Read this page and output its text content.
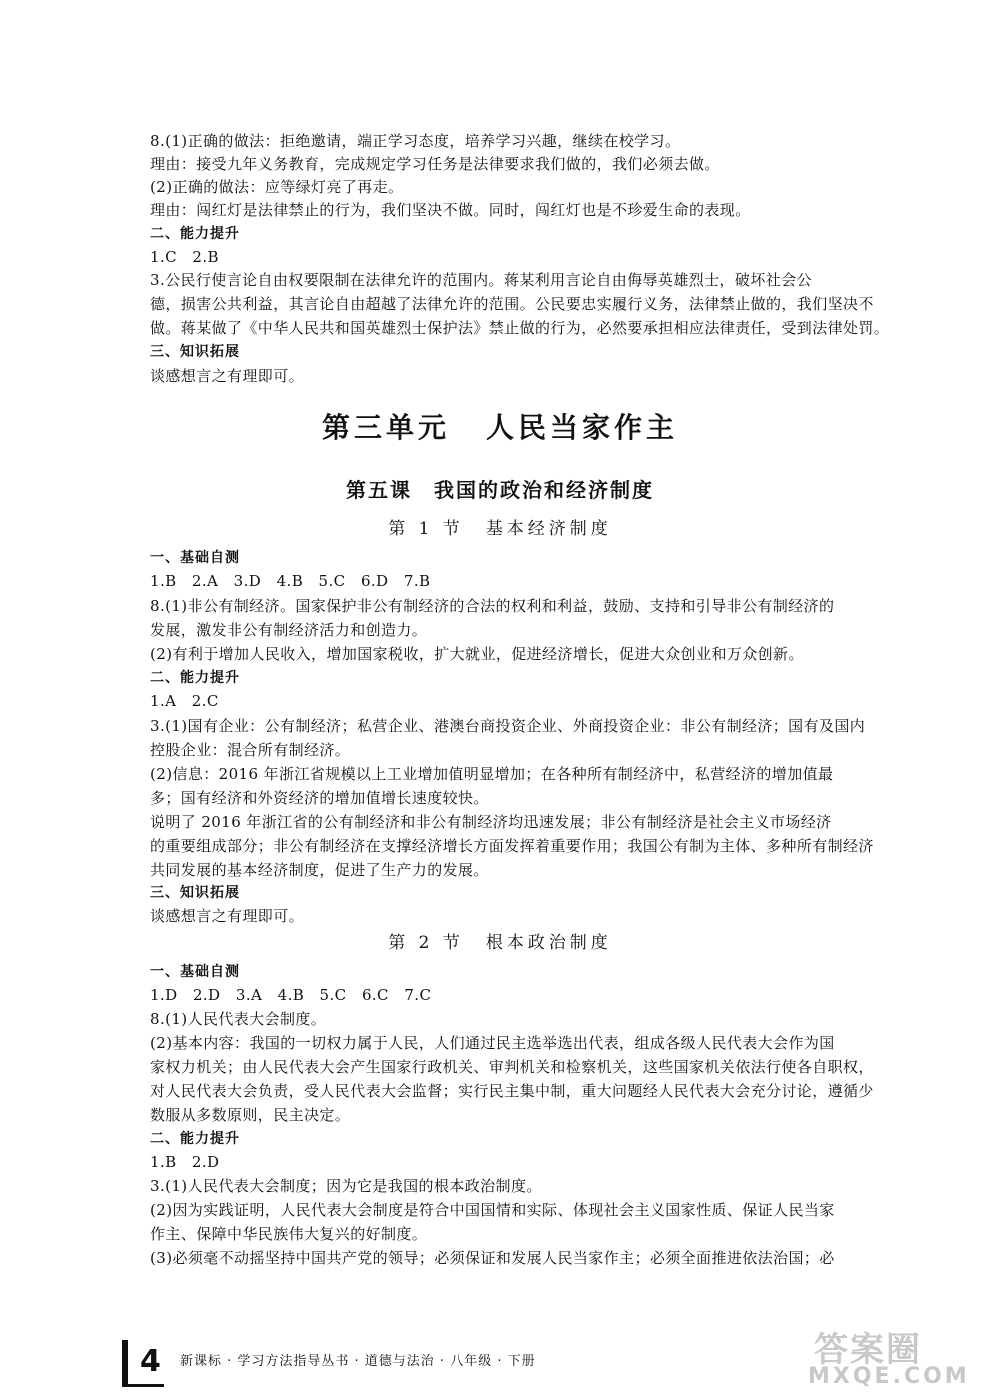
8.(1)正确的做法：拒绝邀请，端正学习态度，培养学习兴趣，继续在校学习。
理由：接受九年义务教育，完成规定学习任务是法律要求我们做的，我们必须去做。
(2)正确的做法：应等绿灯亮了再走。
理由：闯红灯是法律禁止的行为，我们坚决不做。同时，闯红灯也是不珍爱生命的表现。
二、能力提升
1.C　2.B
3.公民行使言论自由权要限制在法律允许的范围内。蒋某利用言论自由侮辱英雄烈士，破坏社会公
德，损害公共利益，其言论自由超越了法律允许的范围。公民要忠实履行义务，法律禁止做的，我们坚决不
做。蒋某做了《中华人民共和国英雄烈士保护法》禁止做的行为，必然要承担相应法律责任，受到法律处罚。
三、知识拓展
谈感想言之有理即可。
第三单元 人民当家作主
第五课 我国的政治和经济制度
第 1 节 基本经济制度
一、基础自测
1.B　2.A　3.D　4.B　5.C　6.D　7.B
8.(1)非公有制经济。国家保护非公有制经济的合法的权利和利益，鼓励、支持和引导非公有制经济的
发展，激发非公有制经济活力和创造力。
(2)有利于增加人民收入，增加国家税收，扩大就业，促进经济增长，促进大众创业和万众创新。
二、能力提升
1.A　2.C
3.(1)国有企业：公有制经济；私营企业、港澳台商投资企业、外商投资企业：非公有制经济；国有及国内
控股企业：混合所有制经济。
(2)信息：2016 年浙江省规模以上工业增加值明显增加；在各种所有制经济中，私营经济的增加值最
多；国有经济和外资经济的增加值增长速度较快。
说明了 2016 年浙江省的公有制经济和非公有制经济均迅速发展；非公有制经济是社会主义市场经济
的重要组成部分；非公有制经济在支撑经济增长方面发挥着重要作用；我国公有制为主体、多种所有制经济
共同发展的基本经济制度，促进了生产力的发展。
三、知识拓展
谈感想言之有理即可。
第 2 节 根本政治制度
一、基础自测
1.D　2.D　3.A　4.B　5.C　6.C　7.C
8.(1)人民代表大会制度。
(2)基本内容：我国的一切权力属于人民，人们通过民主选举选出代表，组成各级人民代表大会作为国
家权力机关；由人民代表大会产生国家行政机关、审判机关和检察机关，这些国家机关依法行使各自职权，
对人民代表大会负责，受人民代表大会监督；实行民主集中制，重大问题经人民代表大会充分讨论，遵循少
数服从多数原则，民主决定。
二、能力提升
1.B　2.D
3.(1)人民代表大会制度；因为它是我国的根本政治制度。
(2)因为实践证明，人民代表大会制度是符合中国国情和实际、体现社会主义国家性质、保证人民当家
作主、保障中华民族伟大复兴的好制度。
(3)必须毫不动摇坚持中国共产党的领导；必须保证和发展人民当家作主；必须全面推进依法治国；必
4 新课标 · 学习方法指导丛书 · 道德与法治 · 八年级 · 下册	答案圈
MXQE.COM
